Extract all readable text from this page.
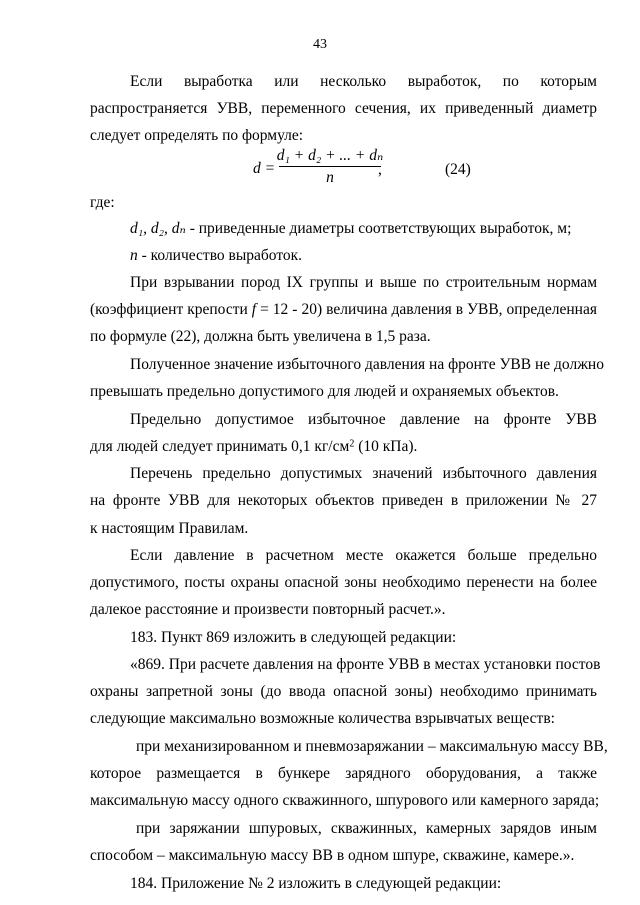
43
Если выработка или несколько выработок, по которым
распространяется УВВ, переменного сечения, их приведенный диаметр
следует определять по формуле:
d =
d₁ + d₂ + ... + dₙ
n	,	(24)
где:
d₁, d₂, dₙ - приведенные диаметры соответствующих выработок, м;
n - количество выработок.
При взрывании пород IX группы и выше по строительным нормам
(коэффициент крепости f = 12 - 20) величина давления в УВВ, определенная
по формуле (22), должна быть увеличена в 1,5 раза.
Полученное значение избыточного давления на фронте УВВ не должно
превышать предельно допустимого для людей и охраняемых объектов.
Предельно допустимое избыточное давление на фронте УВВ
для людей следует принимать 0,1 $кг/см^2$ (10 кПа).
Перечень предельно допустимых значений избыточного давления
на фронте УВВ для некоторых объектов приведен в приложении № 27
к настоящим Правилам.
Если давление в расчетном месте окажется больше предельно
допустимого, посты охраны опасной зоны необходимо перенести на более
далекое расстояние и произвести повторный расчет.».
183. Пункт 869 изложить в следующей редакции:
«869. При расчете давления на фронте УВВ в местах установки постов
охраны запретной зоны (до ввода опасной зоны) необходимо принимать
следующие максимально возможные количества взрывчатых веществ:
при механизированном и пневмозаряжании – максимальную массу ВВ,
которое размещается в бункере зарядного оборудования, а также
максимальную массу одного скважинного, шпурового или камерного заряда;
при заряжании шпуровых, скважинных, камерных зарядов иным
способом – максимальную массу ВВ в одном шпуре, скважине, камере.».
184. Приложение № 2 изложить в следующей редакции:
